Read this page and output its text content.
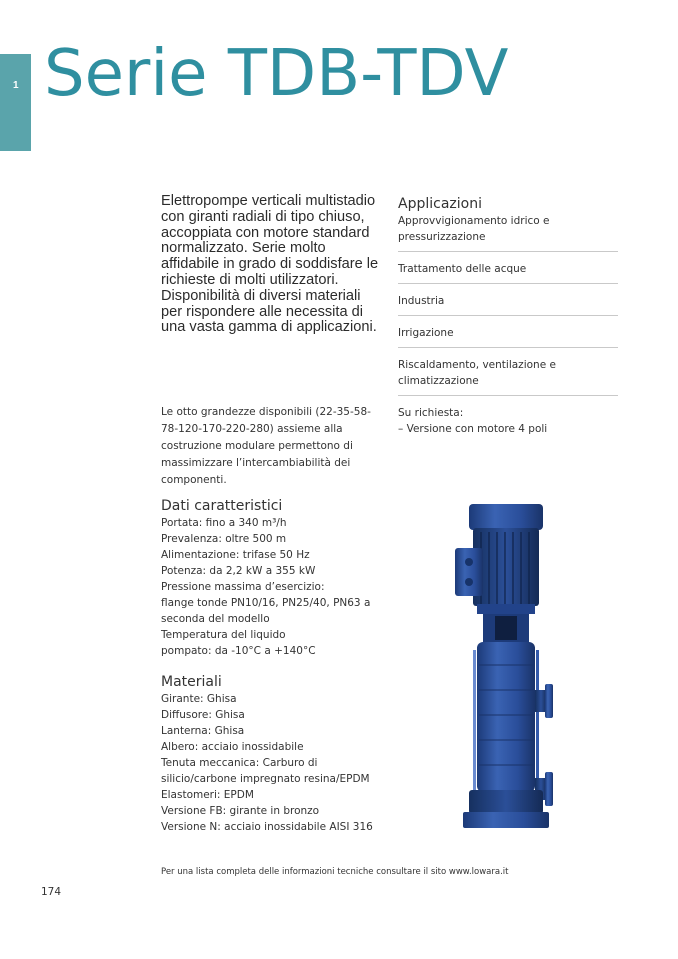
1 Serie TDB-TDV

Elettropompe verticali multistadio con giranti radiali di tipo chiuso, accoppiata con motore standard normalizzato. Serie molto affidabile in grado di soddisfare le richieste di molti utilizzatori. Disponibilità di diversi materiali per rispondere alle necessita di una vasta gamma di applicazioni.

Le otto grandezze disponibili (22-35-58-78-120-170-220-280) assieme alla costruzione modulare permettono di massimizzare l’intercambiabilità dei componenti.

Dati caratteristici
Portata: fino a 340 m³/h
Prevalenza: oltre 500 m
Alimentazione: trifase 50 Hz
Potenza: da 2,2 kW a 355 kW
Pressione massima d’esercizio:
flange tonde PN10/16, PN25/40, PN63 a
seconda del modello
Temperatura del liquido
pompato: da -10°C a +140°C
Materiali
Girante: Ghisa
Diffusore: Ghisa
Lanterna: Ghisa
Albero: acciaio inossidabile
Tenuta meccanica: Carburo di
silicio/carbone impregnato resina/EPDM
Elastomeri: EPDM
Versione FB: girante in bronzo
Versione N: acciaio inossidabile AISI 316
Applicazioni
Approvvigionamento idrico e pressurizzazione
Trattamento delle acque
Industria
Irrigazione
Riscaldamento, ventilazione e climatizzazione
Su richiesta:
– Versione con motore 4 poli
Per una lista completa delle informazioni tecniche consultare il sito www.lowara.it
174
